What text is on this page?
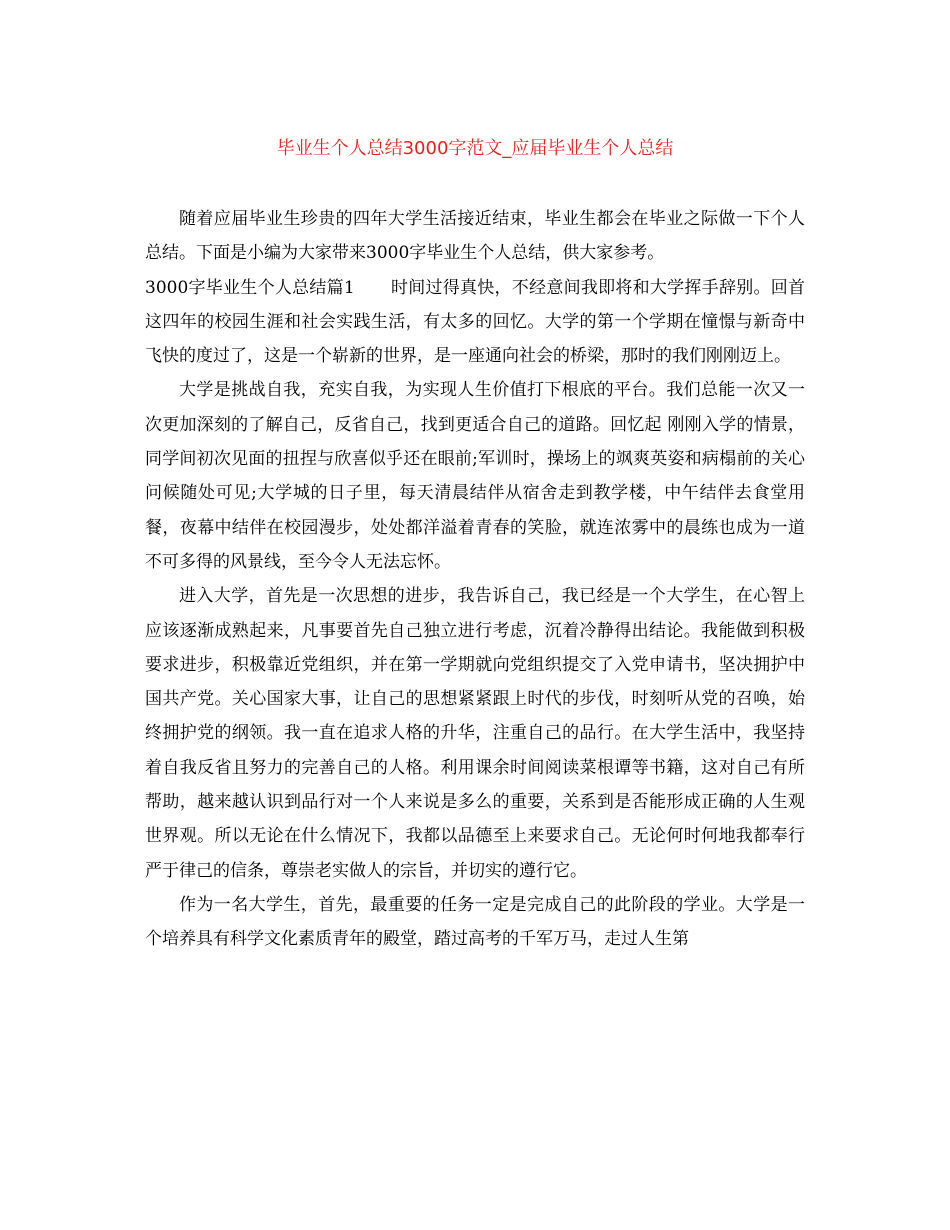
毕业生个人总结3000字范文_应届毕业生个人总结

随着应届毕业生珍贵的四年大学生活接近结束，毕业生都会在毕业之际做一下个人总结。下面是小编为大家带来3000字毕业生个人总结，供大家参考。

3000字毕业生个人总结篇1 时间过得真快，不经意间我即将和大学挥手辞别。回首这四年的校园生涯和社会实践生活，有太多的回忆。大学的第一个学期在憧憬与新奇中飞快的度过了，这是一个崭新的世界，是一座通向社会的桥梁，那时的我们刚刚迈上。

大学是挑战自我，充实自我，为实现人生价值打下根底的平台。我们总能一次又一次更加深刻的了解自己，反省自己，找到更适合自己的道路。回忆起 刚刚入学的情景，同学间初次见面的扭捏与欣喜似乎还在眼前;军训时，操场上的飒爽英姿和病榻前的关心 问候随处可见;大学城的日子里，每天清晨结伴从宿舍走到教学楼，中午结伴去食堂用餐，夜幕中结伴在校园漫步，处处都洋溢着青春的笑脸，就连浓雾中的晨练也成为一道不可多得的风景线，至今令人无法忘怀。

进入大学，首先是一次思想的进步，我告诉自己，我已经是一个大学生，在心智上应该逐渐成熟起来，凡事要首先自己独立进行考虑，沉着冷静得出结论。我能做到积极要求进步，积极靠近党组织，并在第一学期就向党组织提交了入党申请书，坚决拥护中国共产党。关心国家大事，让自己的思想紧紧跟上时代的步伐，时刻听从党的召唤，始终拥护党的纲领。我一直在追求人格的升华，注重自己的品行。在大学生活中，我坚持着自我反省且努力的完善自己的人格。利用课余时间阅读菜根谭等书籍，这对自己有所帮助，越来越认识到品行对一个人来说是多么的重要，关系到是否能形成正确的人生观世界观。所以无论在什么情况下，我都以品德至上来要求自己。无论何时何地我都奉行严于律己的信条，尊崇老实做人的宗旨，并切实的遵行它。

作为一名大学生，首先，最重要的任务一定是完成自己的此阶段的学业。大学是一个培养具有科学文化素质青年的殿堂，踏过高考的千军万马，走过人生第
